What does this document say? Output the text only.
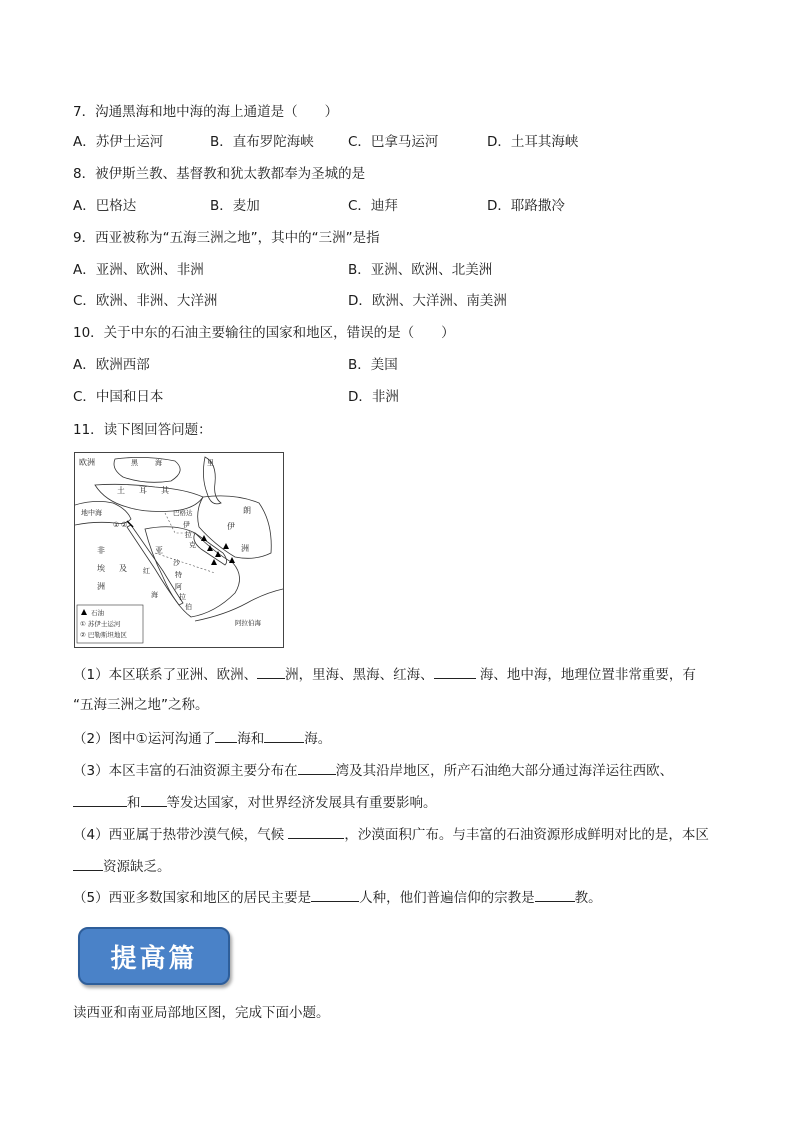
7．沟通黑海和地中海的海上通道是（　　）
A．苏伊士运河	B．直布罗陀海峡	C．巴拿马运河	D．土耳其海峡
8．被伊斯兰教、基督教和犹太教都奉为圣城的是
A．巴格达	B．麦加	C．迪拜	D．耶路撒冷
9．西亚被称为“五海三洲之地”，其中的“三洲”是指
A．亚洲、欧洲、非洲	B．亚洲、欧洲、北美洲
C．欧洲、非洲、大洋洲	D．欧洲、大洋洲、南美洲
10．关于中东的石油主要输往的国家和地区，错误的是（　　）
A．欧洲西部	B．美国
C．中国和日本	D．非洲
11．读下图回答问题：
欧洲	黑 海	里
土 耳 其
地中海
① ②
巴格达
伊
拉
克
伊
朗
洲
亚
非
埃 及
洲
红
沙
特
阿
拉
伯
海
阿拉伯海
石油
① 苏伊士运河
② 巴勒斯坦地区
（1）本区联系了亚洲、欧洲、 洲，里海、黑海、红海、	海、地中海，地理位置非常重要，有
“五海三洲之地”之称。
（2）图中①运河沟通了 海和	海。
（3）本区丰富的石油资源主要分布在	湾及其沿岸地区，所产石油绝大部分通过海洋运往西欧、
和 等发达国家，对世界经济发展具有重要影响。
（4）西亚属于热带沙漠气候，气候	，沙漠面积广布。与丰富的石油资源形成鲜明对比的是，本区
资源缺乏。
（5）西亚多数国家和地区的居民主要是	人种，他们普遍信仰的宗教是	教。
提高篇
读西亚和南亚局部地区图，完成下面小题。
